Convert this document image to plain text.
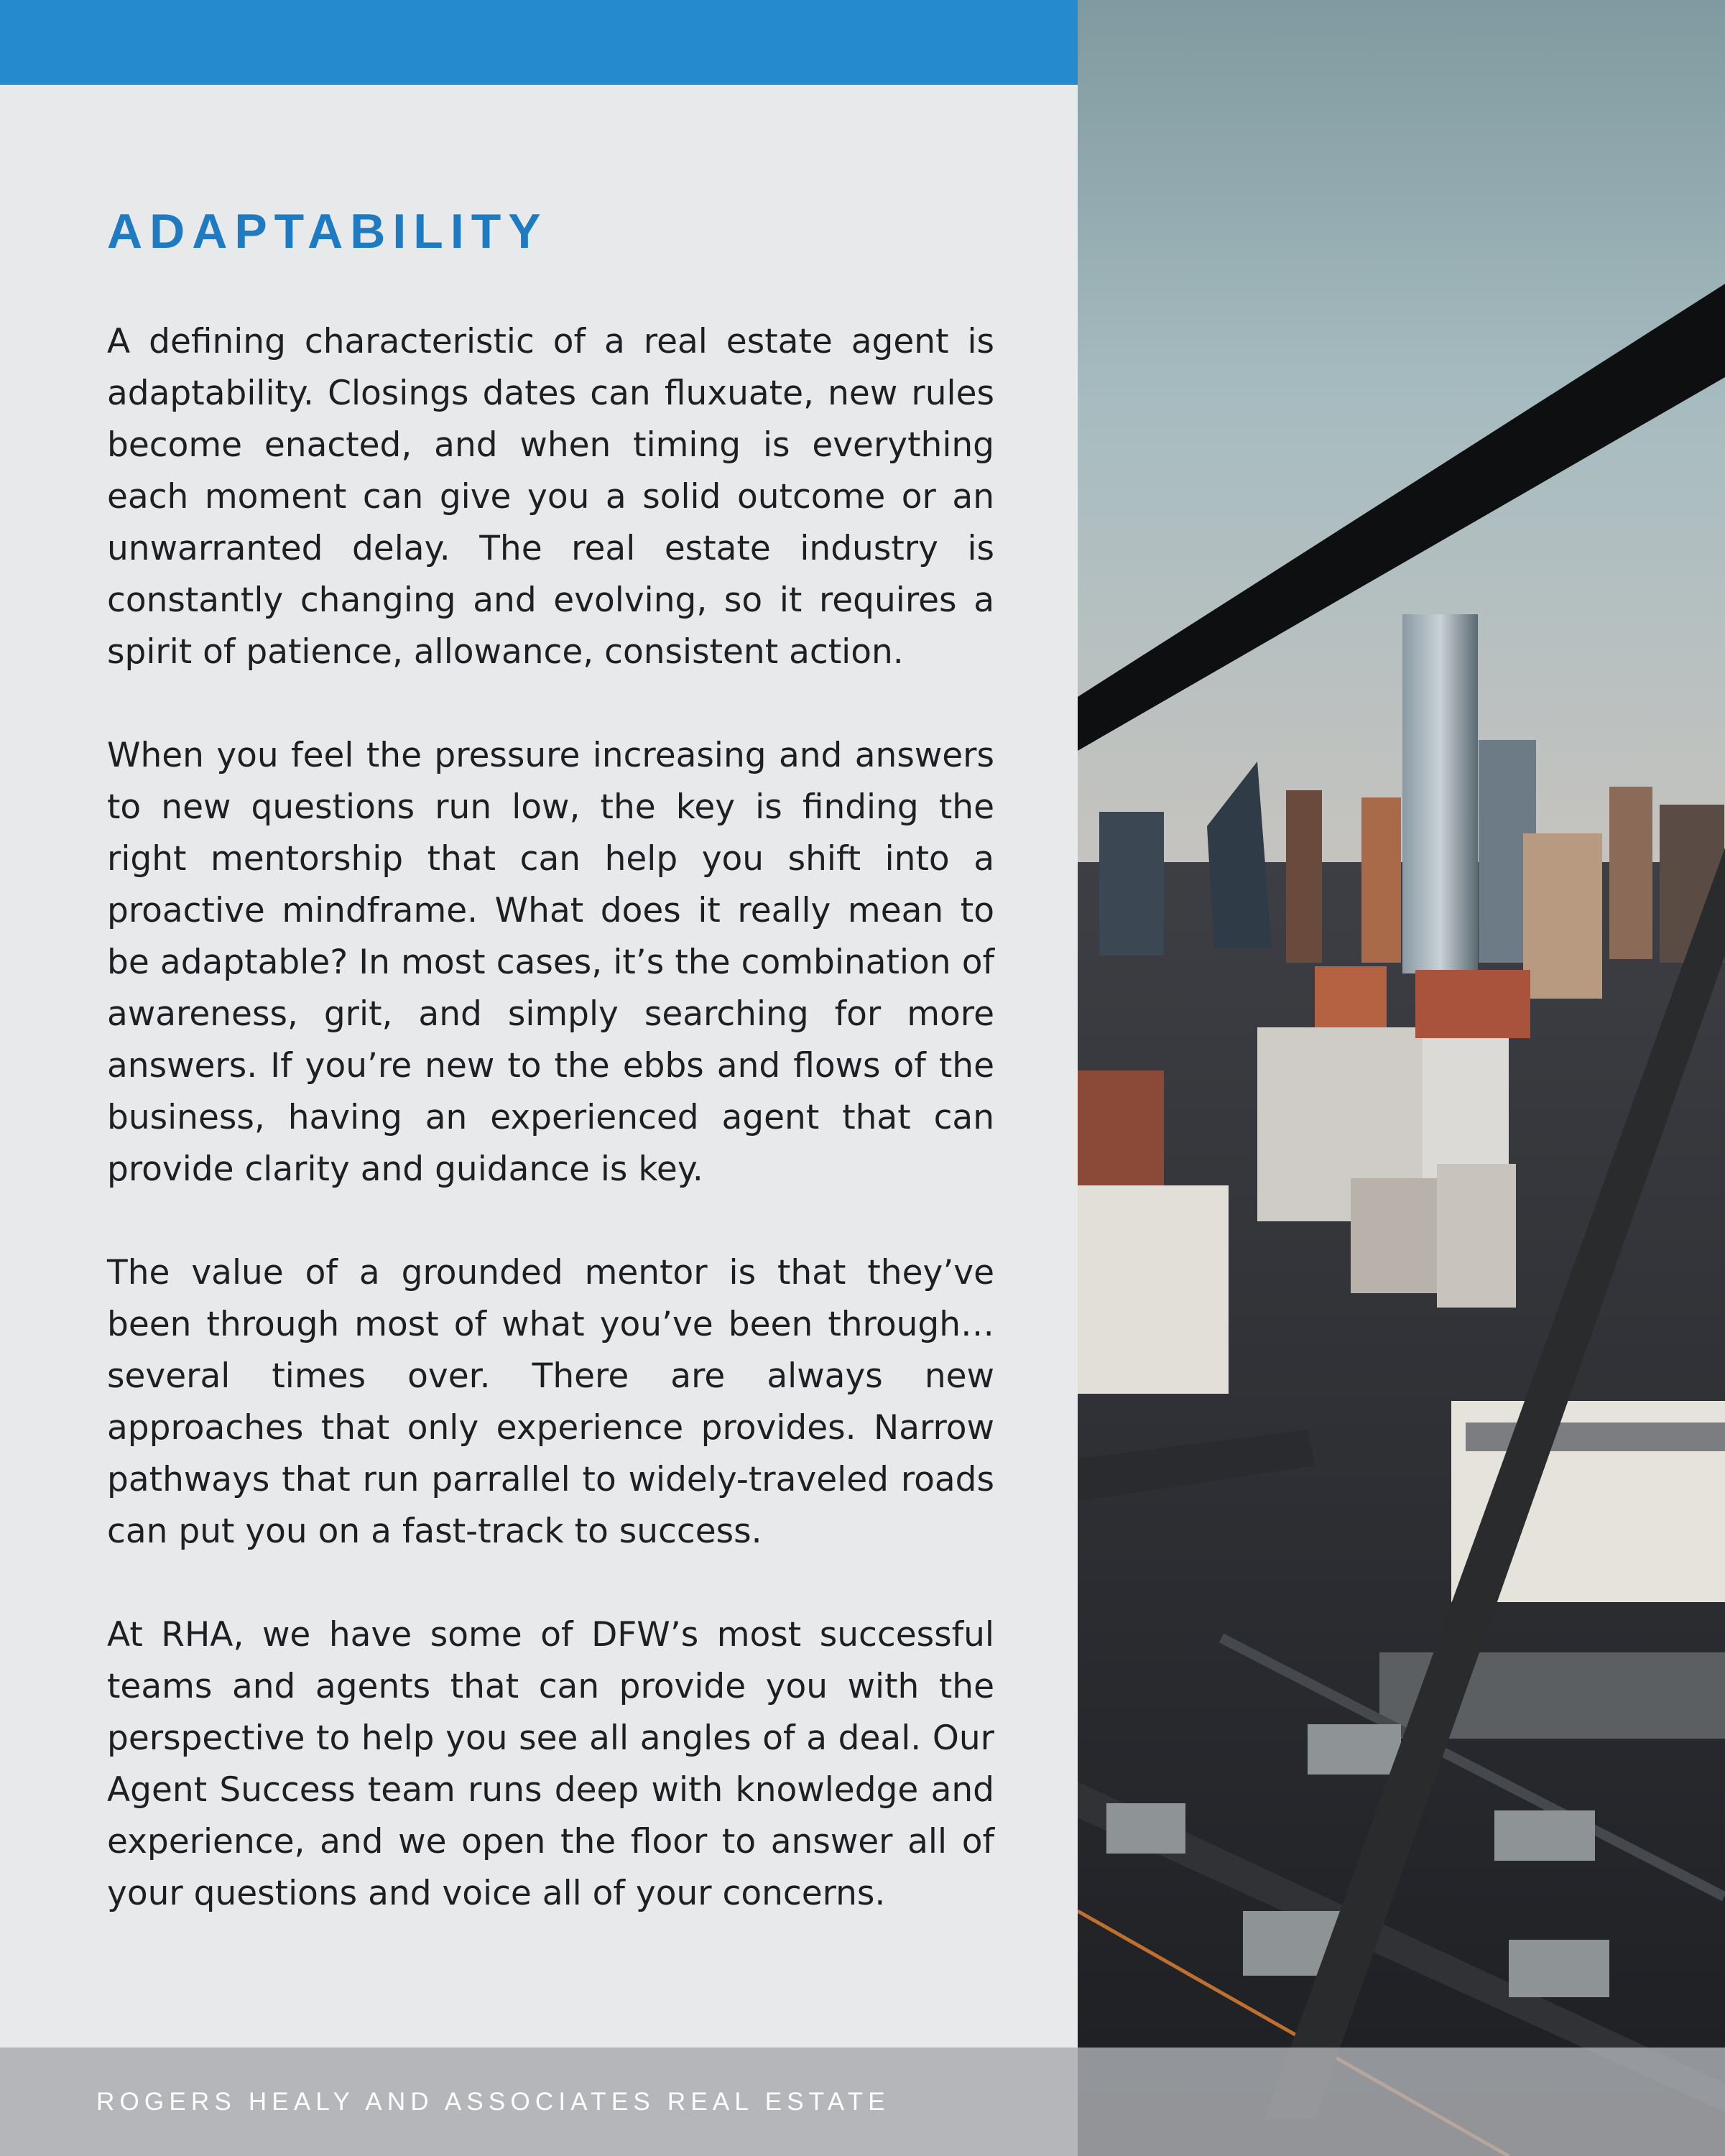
ADAPTABILITY

A defining characteristic of a real estate agent is adaptability. Closings dates can fluxuate, new rules become enacted, and when timing is everything each moment can give you a solid outcome or an unwarranted delay. The real estate industry is constantly changing and evolving, so it requires a spirit of patience, allowance, consistent action.

When you feel the pressure increasing and answers to new questions run low, the key is finding the right mentorship that can help you shift into a proactive mindframe. What does it really mean to be adaptable? In most cases, it’s the combination of awareness, grit, and simply searching for more answers. If you’re new to the ebbs and flows of the business, having an experienced agent that can provide clarity and guidance is key.

The value of a grounded mentor is that they’ve been through most of what you’ve been through… several times over. There are always new approaches that only experience provides. Narrow pathways that run parrallel to widely-traveled roads can put you on a fast-track to success.

At RHA, we have some of DFW’s most successful teams and agents that can provide you with the perspective to help you see all angles of a deal. Our Agent Success team runs deep with knowledge and experience, and we open the floor to answer all of your questions and voice all of your concerns.

ROGERS HEALY AND ASSOCIATES REAL ESTATE
